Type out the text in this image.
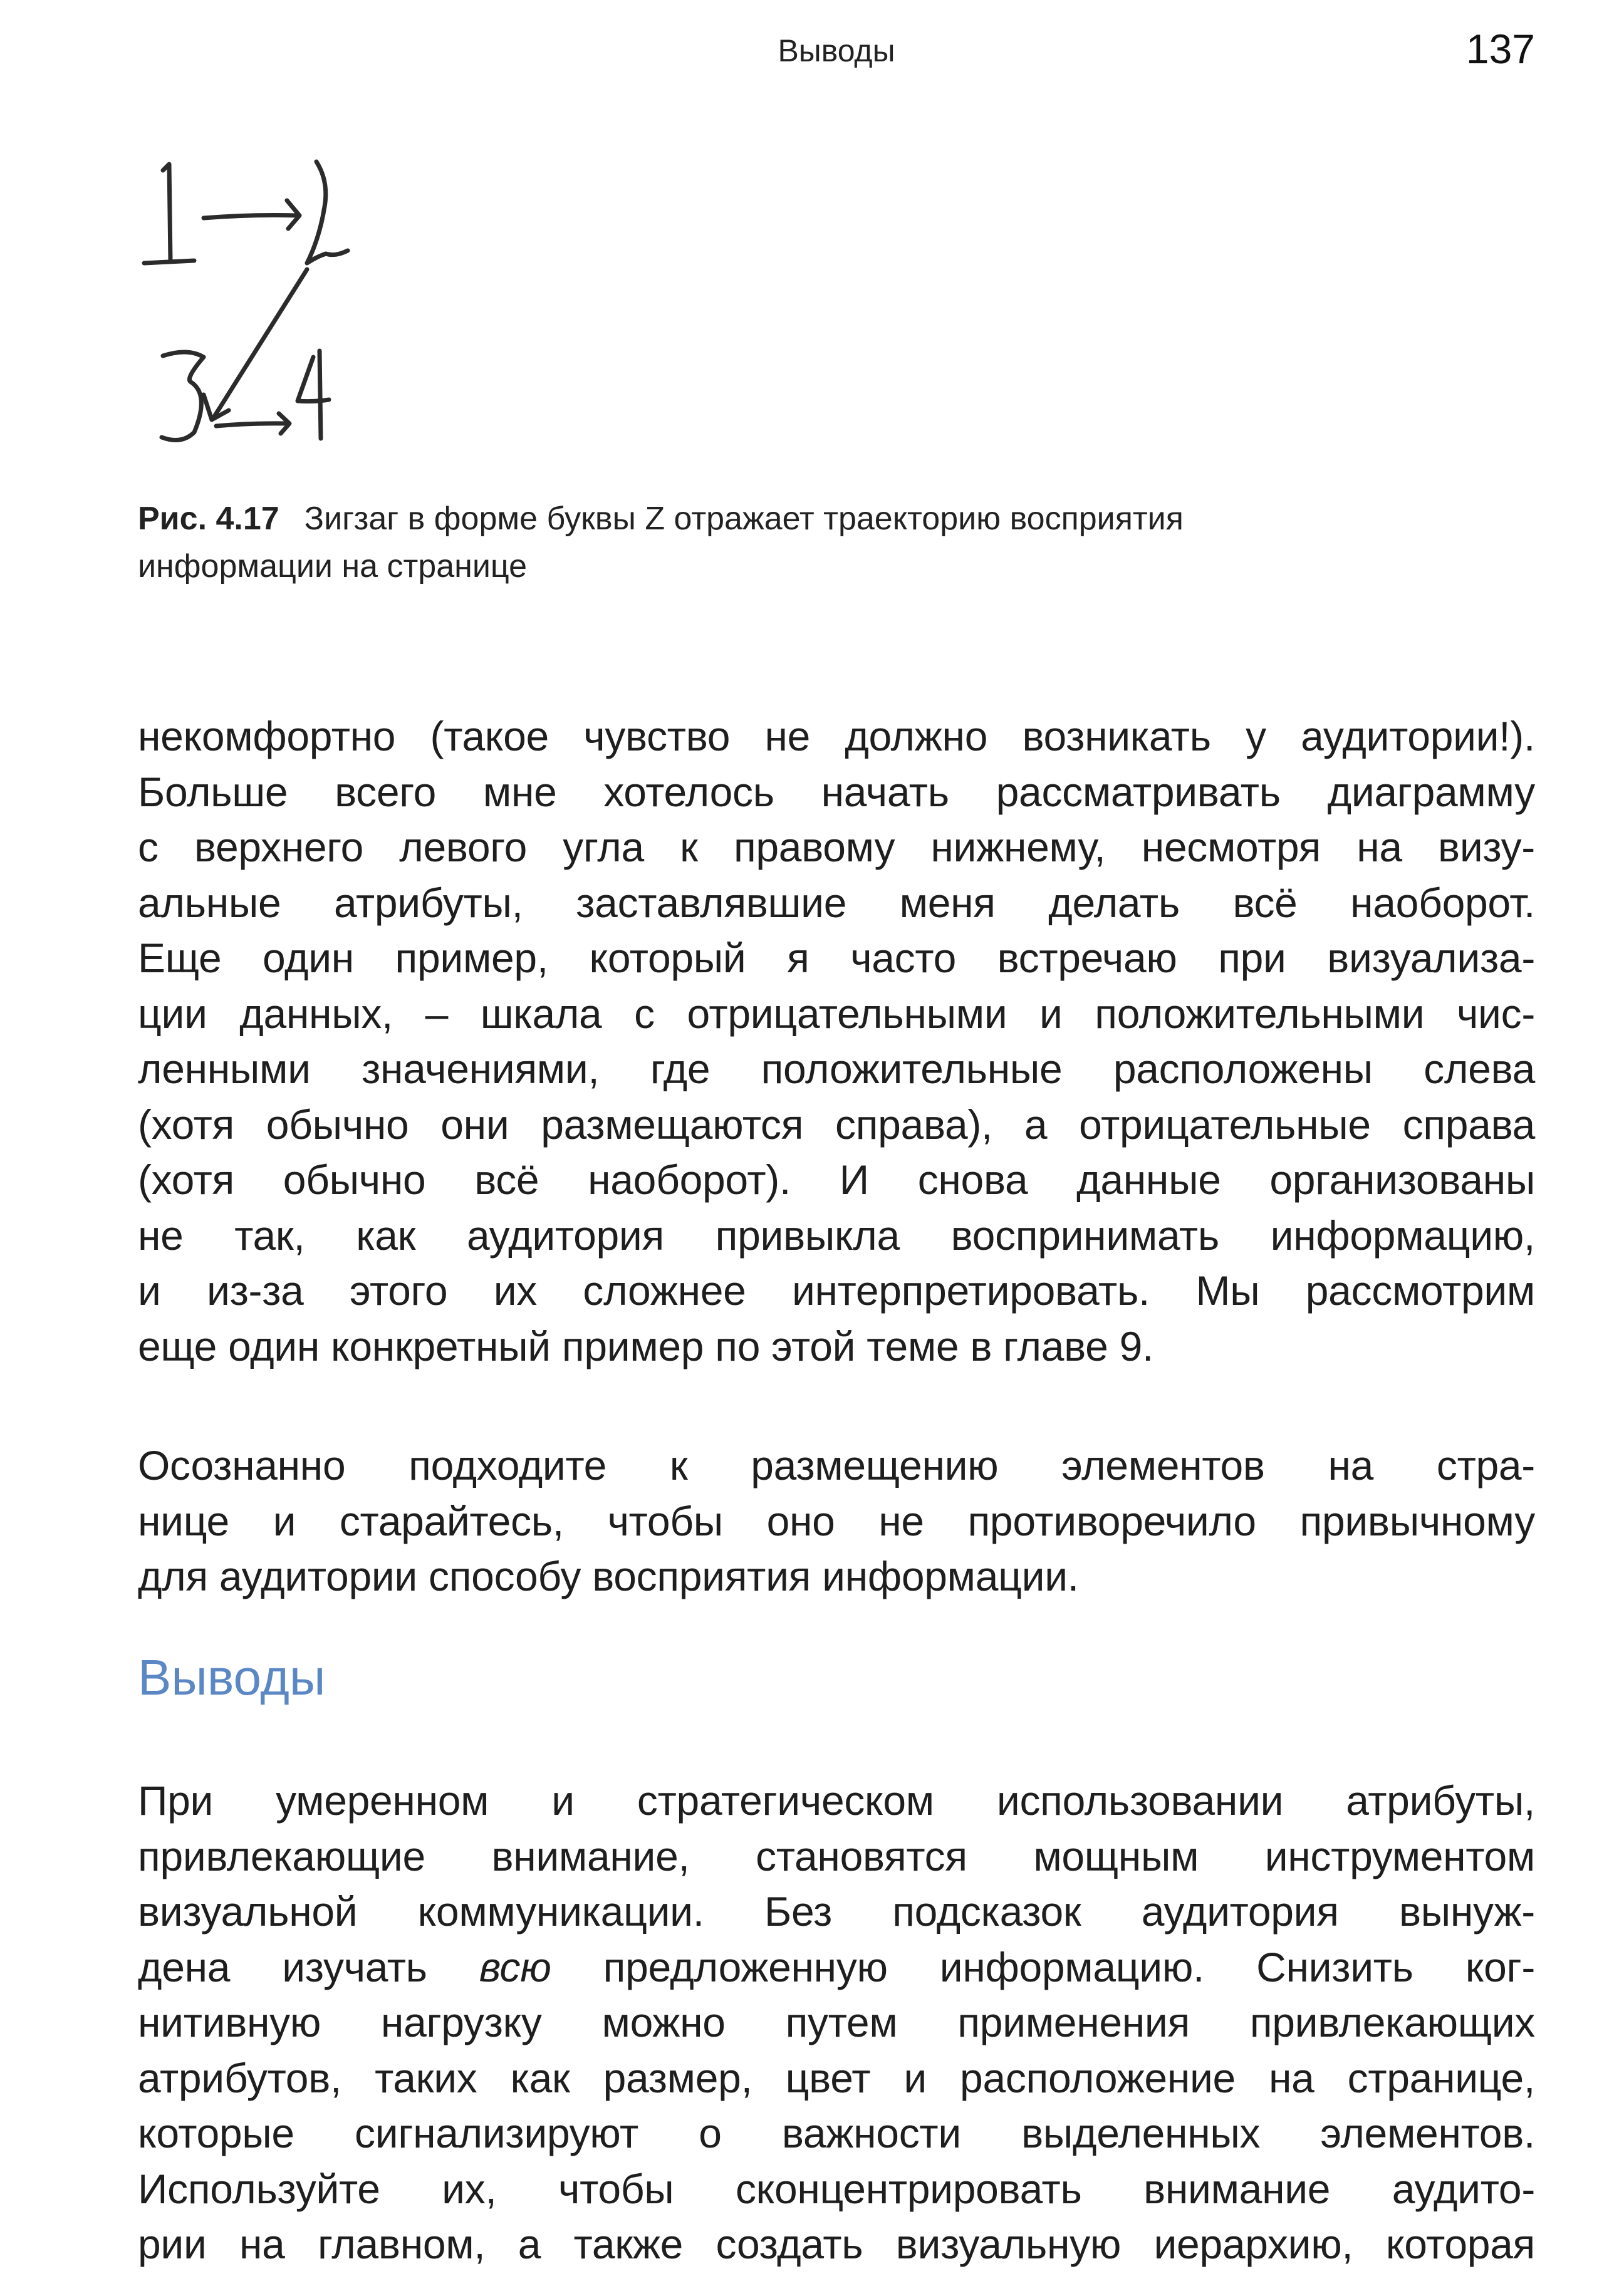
Выводы	137
Рис. 4.17 Зигзаг в форме буквы Z отражает траекторию восприятия
информации на странице
некомфортно (такое чувство не должно возникать у аудитории!).
Больше всего мне хотелось начать рассматривать диаграмму
с верхнего левого угла к правому нижнему, несмотря на визу-
альные атрибуты, заставлявшие меня делать всё наоборот.
Еще один пример, который я часто встречаю при визуализа-
ции данных, – шкала с отрицательными и положительными чис-
ленными значениями, где положительные расположены слева
(хотя обычно они размещаются справа), а отрицательные справа
(хотя обычно всё наоборот). И снова данные организованы
не так, как аудитория привыкла воспринимать информацию,
и из-за этого их сложнее интерпретировать. Мы рассмотрим
еще один конкретный пример по этой теме в главе 9.
Осознанно подходите к размещению элементов на стра-
нице и старайтесь, чтобы оно не противоречило привычному
для аудитории способу восприятия информации.
Выводы
При умеренном и стратегическом использовании атрибуты,
привлекающие внимание, становятся мощным инструментом
визуальной коммуникации. Без подсказок аудитория вынуж-
дена изучать всю предложенную информацию. Снизить ког-
нитивную нагрузку можно путем применения привлекающих
атрибутов, таких как размер, цвет и расположение на странице,
которые сигнализируют о важности выделенных элементов.
Используйте их, чтобы сконцентрировать внимание аудито-
рии на главном, а также создать визуальную иерархию, которая
